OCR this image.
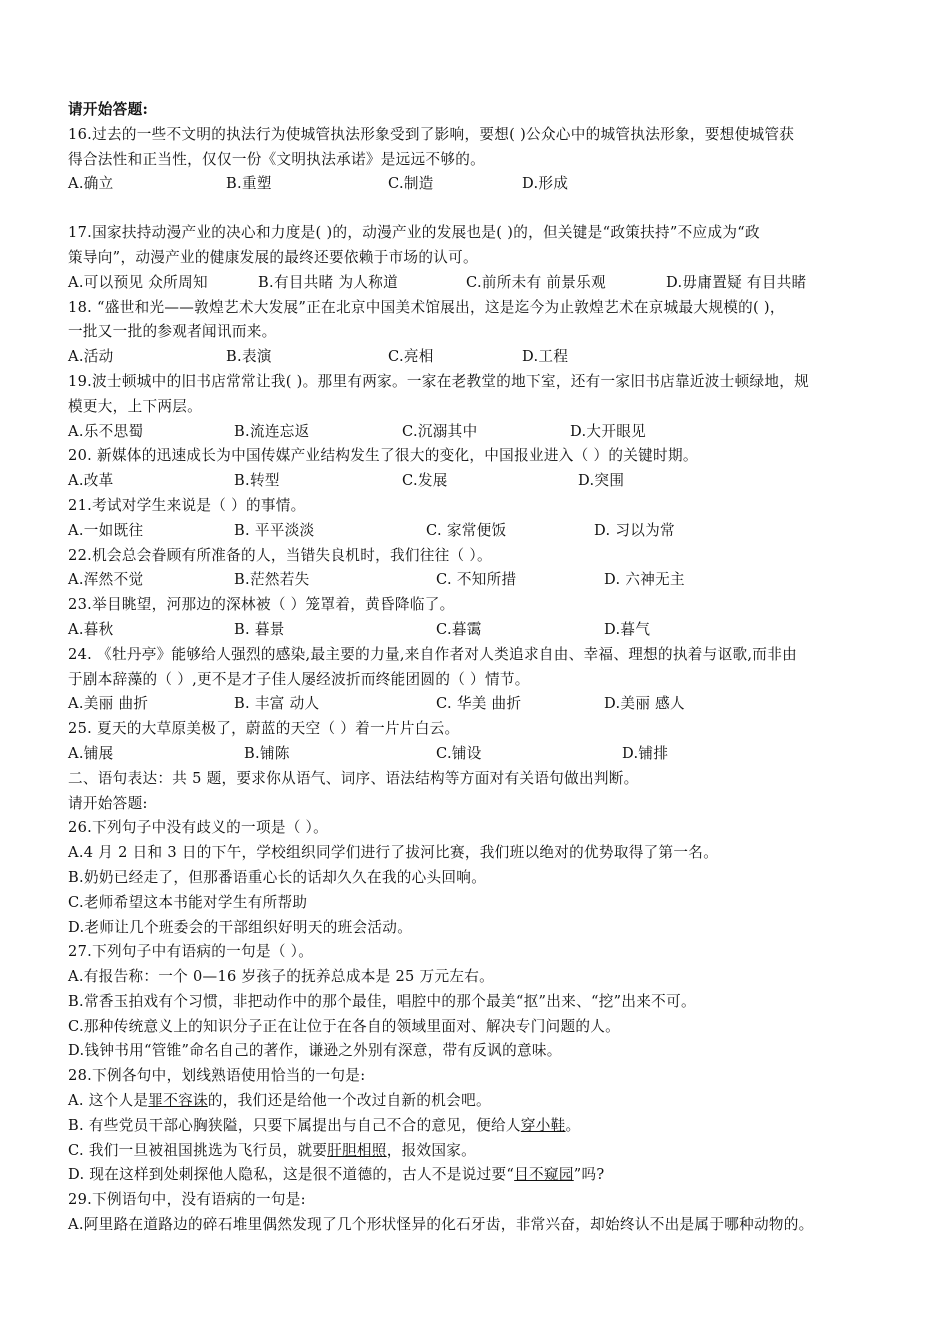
请开始答题:
16.过去的一些不文明的执法行为使城管执法形象受到了影响，要想( )公众心中的城管执法形象，要想使城管获
得合法性和正当性，仅仅一份《文明执法承诺》是远远不够的。
A.确立	B.重塑	C.制造	D.形成
17.国家扶持动漫产业的决心和力度是( )的，动漫产业的发展也是( )的，但关键是“政策扶持”不应成为“政
策导向”，动漫产业的健康发展的最终还要依赖于市场的认可。
A.可以预见 众所周知	B.有目共睹 为人称道	C.前所未有 前景乐观	D.毋庸置疑 有目共睹
18. “盛世和光——敦煌艺术大发展”正在北京中国美术馆展出，这是迄今为止敦煌艺术在京城最大规模的( )，
一批又一批的参观者闻讯而来。
A.活动	B.表演	C.亮相	D.工程
19.波士顿城中的旧书店常常让我( )。那里有两家。一家在老教堂的地下室，还有一家旧书店靠近波士顿绿地，规
模更大，上下两层。
A.乐不思蜀	B.流连忘返	C.沉溺其中	D.大开眼见
20. 新媒体的迅速成长为中国传媒产业结构发生了很大的变化，中国报业进入（ ）的关键时期。
A.改革	B.转型	C.发展	D.突围
21.考试对学生来说是（ ）的事情。
A.一如既往	B. 平平淡淡	C. 家常便饭	D. 习以为常
22.机会总会眷顾有所准备的人，当错失良机时，我们往往（ ）。
A.浑然不觉	B.茫然若失	C. 不知所措	D. 六神无主
23.举目眺望，河那边的深林被（ ）笼罩着，黄昏降临了。
A.暮秋	B. 暮景	C.暮霭	D.暮气
24. 《牡丹亭》能够给人强烈的感染,最主要的力量,来自作者对人类追求自由、幸福、理想的执着与讴歌,而非由
于剧本辞藻的（ ）,更不是才子佳人屡经波折而终能团圆的（ ）情节。
A.美丽 曲折	B. 丰富 动人	C. 华美 曲折	D.美丽 感人
25. 夏天的大草原美极了，蔚蓝的天空（ ）着一片片白云。
A.铺展	B.铺陈	C.铺设	D.铺排
二、语句表达：共 5 题，要求你从语气、词序、语法结构等方面对有关语句做出判断。
请开始答题:
26.下列句子中没有歧义的一项是（ ）。
A.4 月 2 日和 3 日的下午，学校组织同学们进行了拔河比赛，我们班以绝对的优势取得了第一名。
B.奶奶已经走了，但那番语重心长的话却久久在我的心头回响。
C.老师希望这本书能对学生有所帮助
D.老师让几个班委会的干部组织好明天的班会活动。
27.下列句子中有语病的一句是（ ）。
A.有报告称：一个 0—16 岁孩子的抚养总成本是 25 万元左右。
B.常香玉拍戏有个习惯，非把动作中的那个最佳，唱腔中的那个最美“抠”出来、“挖”出来不可。
C.那种传统意义上的知识分子正在让位于在各自的领域里面对、解决专门问题的人。
D.钱钟书用“管锥”命名自己的著作，谦逊之外别有深意，带有反讽的意味。
28.下例各句中，划线熟语使用恰当的一句是:
A. 这个人是罪不容诛的，我们还是给他一个改过自新的机会吧。
B. 有些党员干部心胸狭隘，只要下属提出与自己不合的意见，便给人穿小鞋。
C. 我们一旦被祖国挑选为飞行员，就要肝胆相照，报效国家。
D. 现在这样到处刺探他人隐私，这是很不道德的，古人不是说过要“目不窥园”吗?
29.下例语句中，没有语病的一句是:
A.阿里路在道路边的碎石堆里偶然发现了几个形状怪异的化石牙齿，非常兴奋，却始终认不出是属于哪种动物的。
